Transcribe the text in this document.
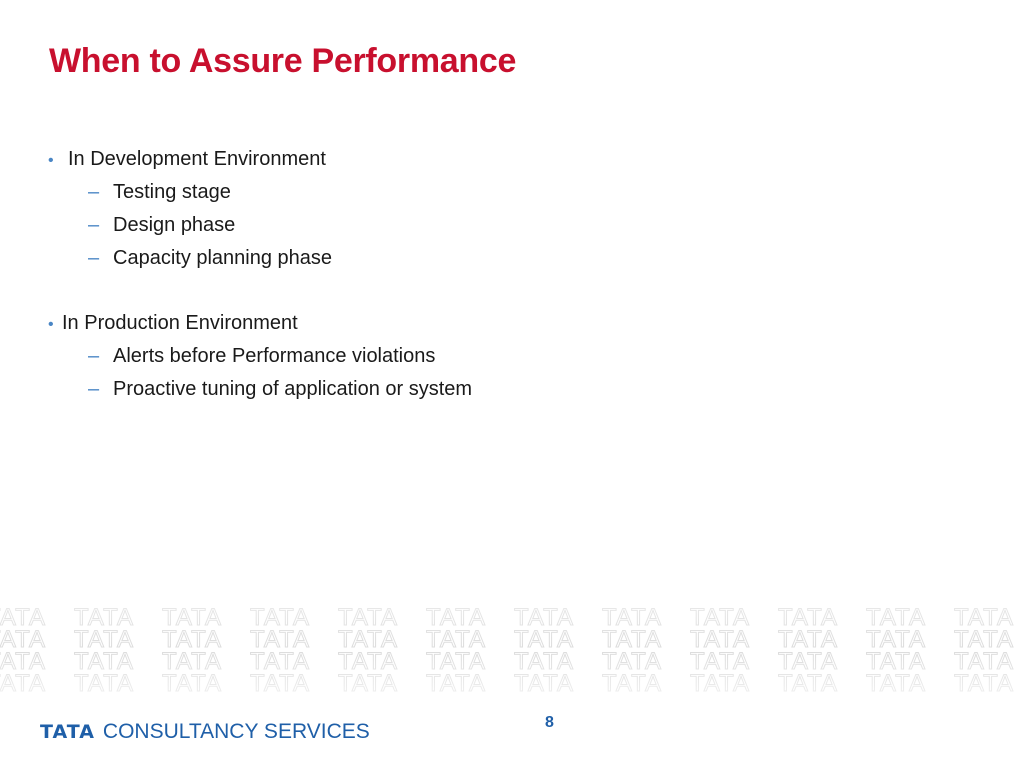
When to Assure Performance
• In Development Environment
– Testing stage
– Design phase
– Capacity planning phase
• In Production Environment
– Alerts before Performance violations
– Proactive tuning of application or system
TATA CONSULTANCY SERVICES	8
